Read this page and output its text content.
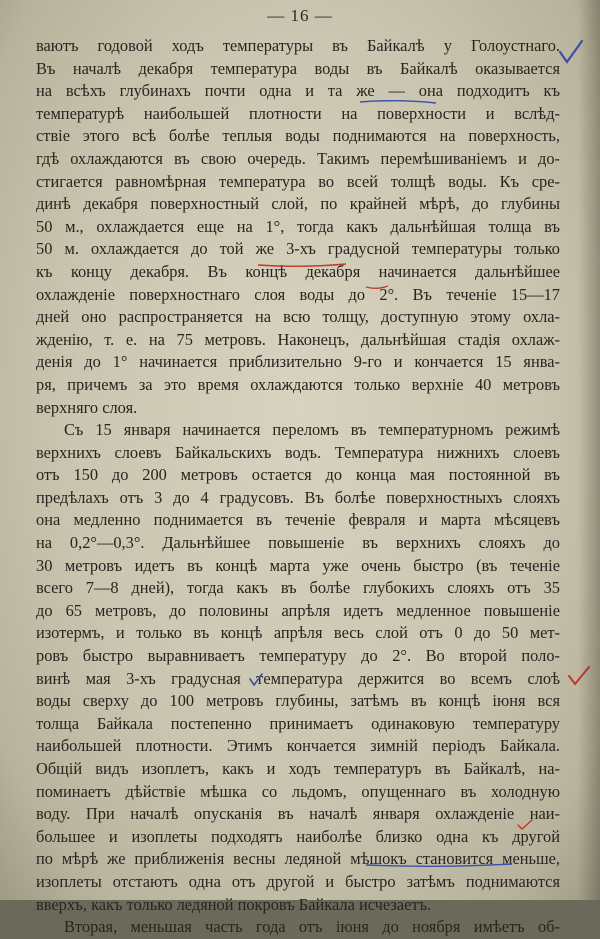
— 16 —
ваютъ годовой ходъ температуры въ Байкалѣ у Голоустнаго.
Въ началѣ декабря температура воды въ Байкалѣ оказывается
на всѣхъ глубинахъ почти одна и та же — она подходитъ къ
температурѣ наибольшей плотности на поверхности и вслѣд-
ствіе этого всѣ болѣе теплыя воды поднимаются на поверхность,
гдѣ охлаждаются въ свою очередь. Такимъ перемѣшиваніемъ и до-
стигается равномѣрная температура во всей толщѣ воды. Къ сре-
динѣ декабря поверхностный слой, по крайней мѣрѣ, до глубины
50 м., охлаждается еще на 1°, тогда какъ дальнѣйшая толща въ
50 м. охлаждается до той же 3-хъ градусной температуры только
къ концу декабря. Въ концѣ декабря начинается дальнѣйшее
охлажденіе поверхностнаго слоя воды до 2°. Въ теченіе 15—17
дней оно распространяется на всю толщу, доступную этому охла-
жденію, т. е. на 75 метровъ. Наконецъ, дальнѣйшая стадія охлаж-
денія до 1° начинается приблизительно 9-го и кончается 15 янва-
ря, причемъ за это время охлаждаются только верхніе 40 метровъ
верхняго слоя.
Съ 15 января начинается переломъ въ температурномъ режимѣ
верхнихъ слоевъ Байкальскихъ водъ. Температура нижнихъ слоевъ
отъ 150 до 200 метровъ остается до конца мая постоянной въ
предѣлахъ отъ 3 до 4 градусовъ. Въ болѣе поверхностныхъ слояхъ
она медленно поднимается въ теченіе февраля и марта мѣсяцевъ
на 0,2°—0,3°. Дальнѣйшее повышеніе въ верхнихъ слояхъ до
30 метровъ идетъ въ концѣ марта уже очень быстро (въ теченіе
всего 7—8 дней), тогда какъ въ болѣе глубокихъ слояхъ отъ 35
до 65 метровъ, до половины апрѣля идетъ медленное повышеніе
изотермъ, и только въ концѣ апрѣля весь слой отъ 0 до 50 мет-
ровъ быстро выравниваетъ температуру до 2°. Во второй поло-
винѣ мая 3-хъ градусная температура держится во всемъ слоѣ
воды сверху до 100 метровъ глубины, затѣмъ въ концѣ іюня вся
толща Байкала постепенно принимаетъ одинаковую температуру
наибольшей плотности. Этимъ кончается зимній періодъ Байкала.
Общій видъ изоплетъ, какъ и ходъ температуръ въ Байкалѣ, на-
поминаетъ дѣйствіе мѣшка со льдомъ, опущеннаго въ холодную
воду. При началѣ опусканія въ началѣ января охлажденіе наи-
большее и изоплеты подходятъ наиболѣе близко одна къ другой
по мѣрѣ же приближенія весны ледяной мѣшокъ становится меньше,
изоплеты отстаютъ одна отъ другой и быстро затѣмъ поднимаются
вверхъ, какъ только ледяной покровъ Байкала исчезаетъ.
Вторая, меньшая часть года отъ іюня до ноября имѣетъ об-
